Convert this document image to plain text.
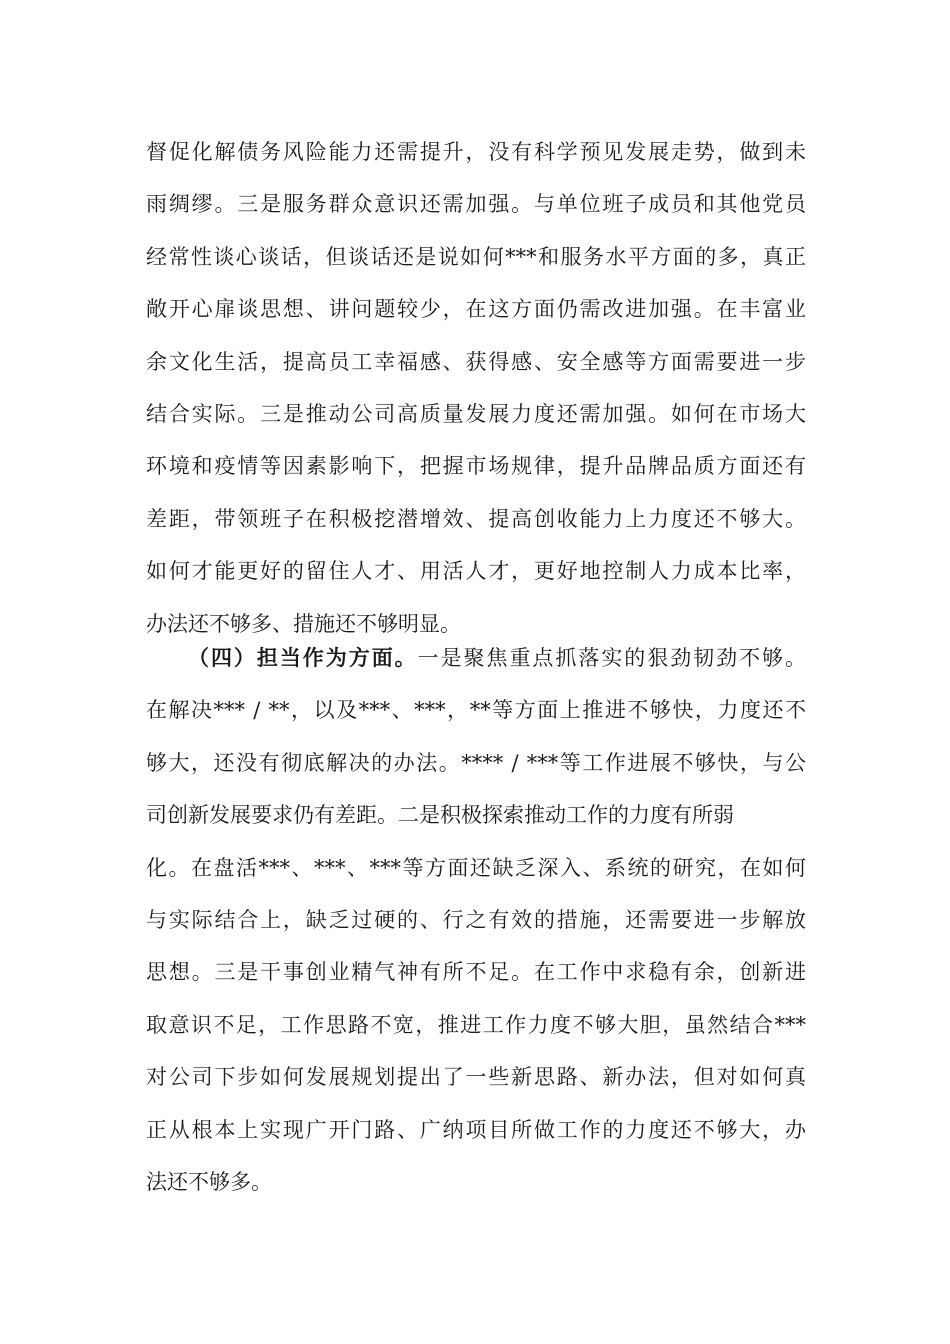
督促化解债务风险能力还需提升，没有科学预见发展走势，做到未
雨绸缪。三是服务群众意识还需加强。与单位班子成员和其他党员
经常性谈心谈话，但谈话还是说如何***和服务水平方面的多，真正
敞开心扉谈思想、讲问题较少，在这方面仍需改进加强。在丰富业
余文化生活，提高员工幸福感、获得感、安全感等方面需要进一步
结合实际。三是推动公司高质量发展力度还需加强。如何在市场大
环境和疫情等因素影响下，把握市场规律，提升品牌品质方面还有
差距，带领班子在积极挖潜增效、提高创收能力上力度还不够大。
如何才能更好的留住人才、用活人才，更好地控制人力成本比率，
办法还不够多、措施还不够明显。
（四）担当作为方面。一是聚焦重点抓落实的狠劲韧劲不够。
在解决*** / **，以及***、***，**等方面上推进不够快，力度还不
够大，还没有彻底解决的办法。**** / ***等工作进展不够快，与公
司创新发展要求仍有差距。二是积极探索推动工作的力度有所弱
化。在盘活***、***、***等方面还缺乏深入、系统的研究，在如何
与实际结合上，缺乏过硬的、行之有效的措施，还需要进一步解放
思想。三是干事创业精气神有所不足。在工作中求稳有余，创新进
取意识不足，工作思路不宽，推进工作力度不够大胆，虽然结合***
对公司下步如何发展规划提出了一些新思路、新办法，但对如何真
正从根本上实现广开门路、广纳项目所做工作的力度还不够大，办
法还不够多。
